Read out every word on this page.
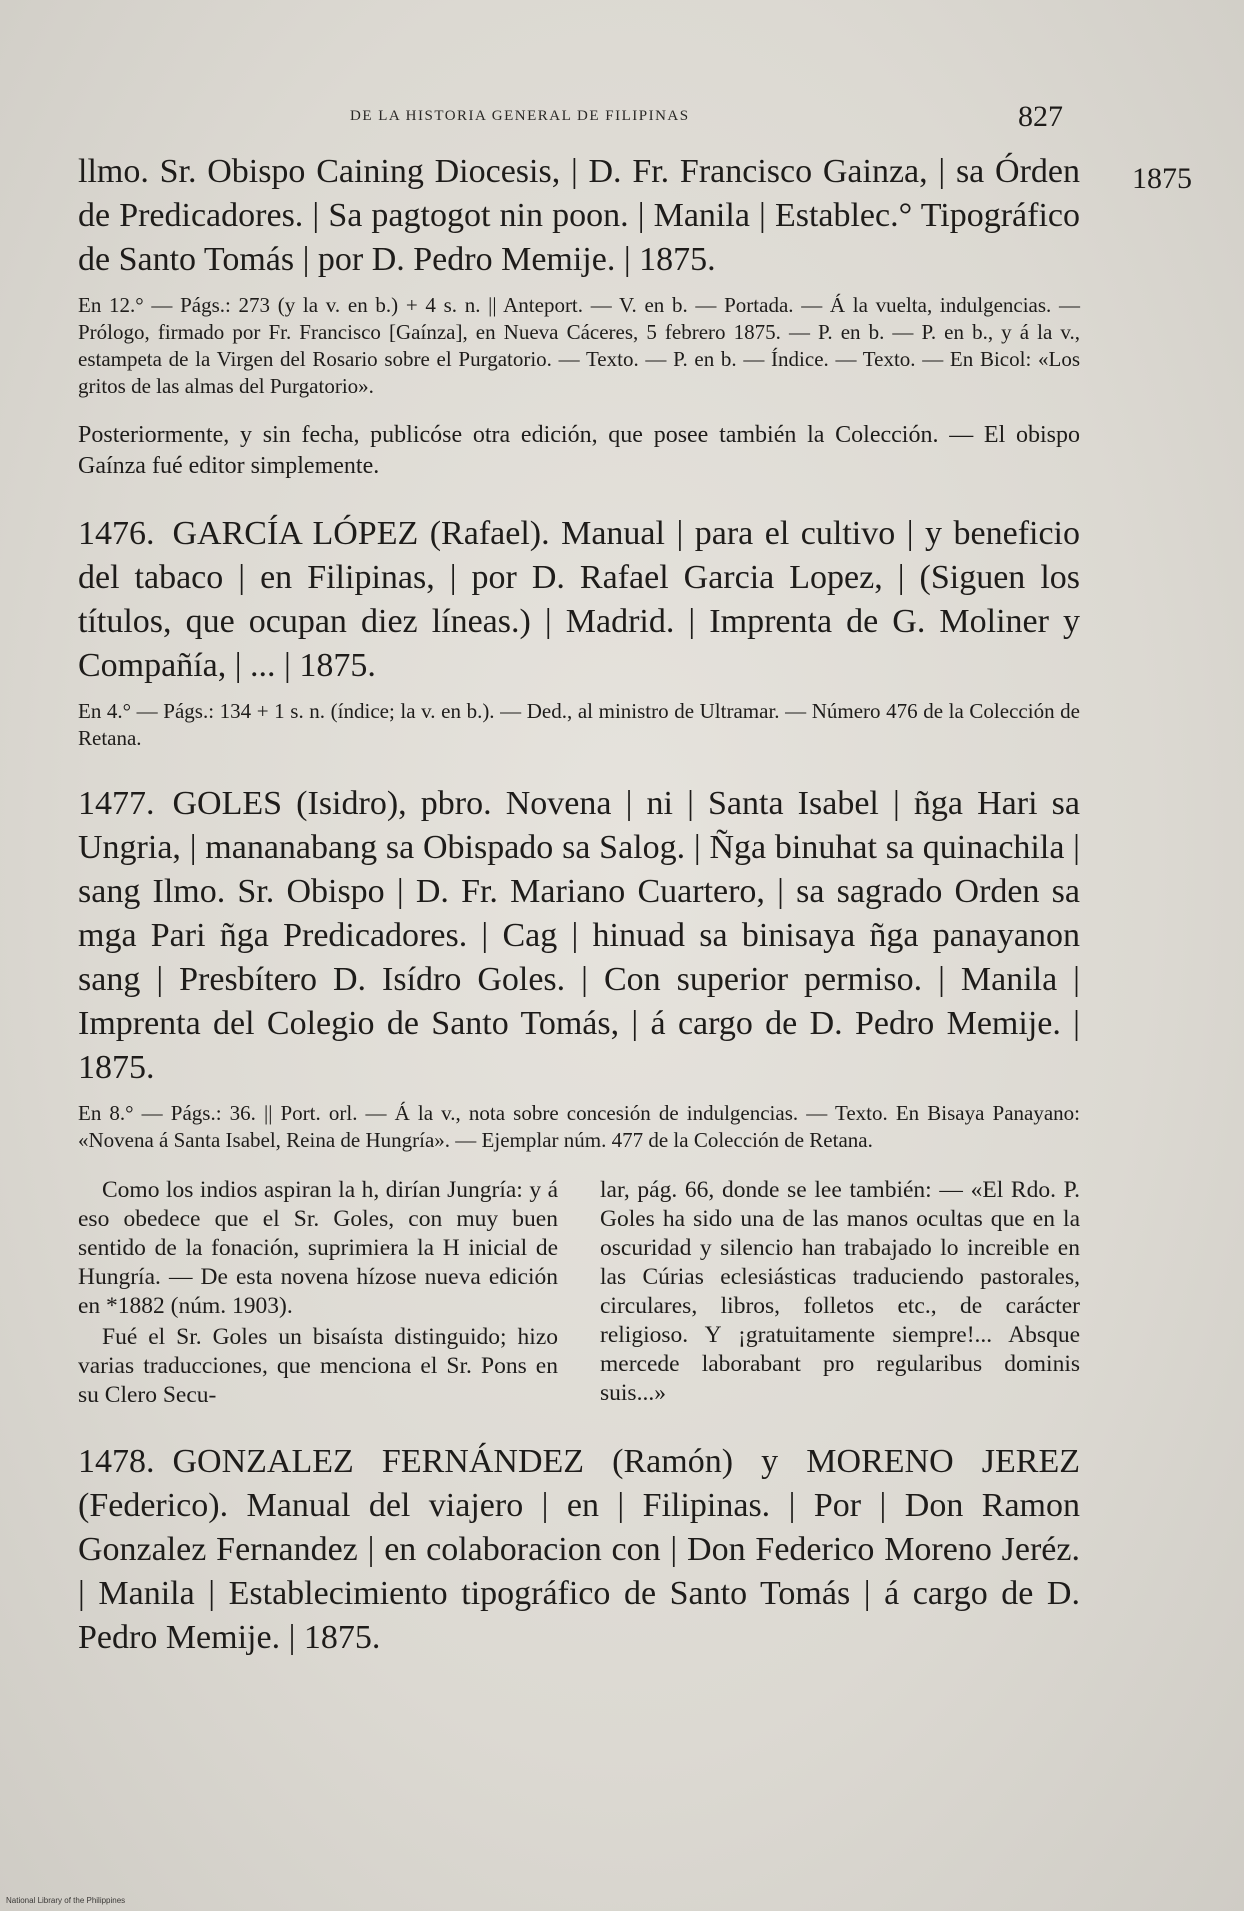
DE LA HISTORIA GENERAL DE FILIPINAS	827
1875

llmo. Sr. Obispo Caining Diocesis, | D. Fr. Francisco Gainza, | sa Órden de Predicadores. | Sa pagtogot nin poon. | Manila | Establec.° Tipográfico de Santo Tomás | por D. Pedro Memije. | 1875.

En 12.° — Págs.: 273 (y la v. en b.) + 4 s. n. || Anteport. — V. en b. — Portada. — Á la vuelta, indulgencias. — Prólogo, firmado por Fr. Francisco [Gaínza], en Nueva Cáceres, 5 febrero 1875. — P. en b. — P. en b., y á la v., estampeta de la Virgen del Rosario sobre el Purgatorio. — Texto. — P. en b. — Índice. — Texto. — En Bicol: «Los gritos de las almas del Purgatorio».

Posteriormente, y sin fecha, publicóse otra edición, que posee también la Colección. — El obispo Gaínza fué editor simplemente.

1476. GARCÍA LÓPEZ (Rafael). Manual | para el cultivo | y beneficio del tabaco | en Filipinas, | por D. Rafael Garcia Lopez, | (Siguen los títulos, que ocupan diez líneas.) | Madrid. | Imprenta de G. Moliner y Compañía, | ... | 1875.

En 4.° — Págs.: 134 + 1 s. n. (índice; la v. en b.). — Ded., al ministro de Ultramar. — Número 476 de la Colección de Retana.

1477. GOLES (Isidro), pbro. Novena | ni | Santa Isabel | ñga Hari sa Ungria, | mananabang sa Obispado sa Salog. | Ñga binuhat sa quinachila | sang Ilmo. Sr. Obispo | D. Fr. Mariano Cuartero, | sa sagrado Orden sa mga Pari ñga Predicadores. | Cag | hinuad sa binisaya ñga panayanon sang | Presbítero D. Isídro Goles. | Con superior permiso. | Manila | Imprenta del Colegio de Santo Tomás, | á cargo de D. Pedro Memije. | 1875.

En 8.° — Págs.: 36. || Port. orl. — Á la v., nota sobre concesión de indulgencias. — Texto. En Bisaya Panayano: «Novena á Santa Isabel, Reina de Hungría». — Ejemplar núm. 477 de la Colección de Retana.

Como los indios aspiran la h, dirían Jungría: y á eso obedece que el Sr. Goles, con muy buen sentido de la fonación, suprimiera la H inicial de Hungría. — De esta novena hízose nueva edición en *1882 (núm. 1903).

Fué el Sr. Goles un bisaísta distinguido; hizo varias traducciones, que menciona el Sr. Pons en su Clero Secu-

lar, pág. 66, donde se lee también: — «El Rdo. P. Goles ha sido una de las manos ocultas que en la oscuridad y silencio han trabajado lo increible en las Cúrias eclesiásticas traduciendo pastorales, circulares, libros, folletos etc., de carácter religioso. Y ¡gratuitamente siempre!... Absque mercede laborabant pro regularibus dominis suis...»

1478. GONZALEZ FERNÁNDEZ (Ramón) y MORENO JEREZ (Federico). Manual del viajero | en | Filipinas. | Por | Don Ramon Gonzalez Fernandez | en colaboracion con | Don Federico Moreno Jeréz. | Manila | Establecimiento tipográfico de Santo Tomás | á cargo de D. Pedro Memije. | 1875.

National Library of the Philippines
